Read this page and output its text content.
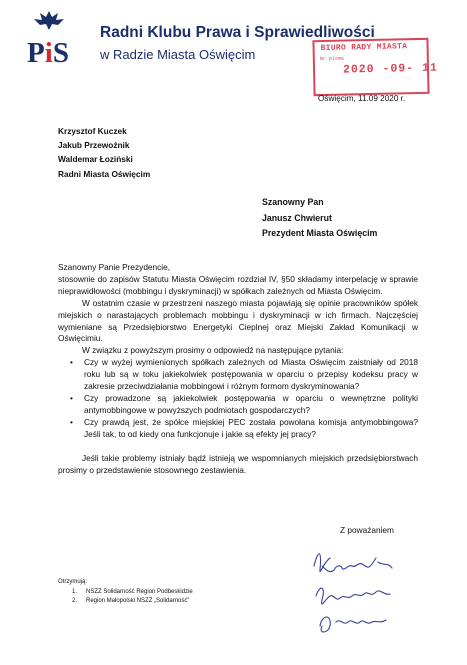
PiS
Radni Klubu Prawa i Sprawiedliwości
w Radzie Miasta Oświęcim	BIURO RADY MIASTA
Nr pisma
2020 -09- 11
Oświęcim, 11.09 2020 r.
Krzysztof Kuczek
Jakub Przewoźnik
Waldemar Łoziński
Radni Miasta Oświęcim
Szanowny Pan
Janusz Chwierut
Prezydent Miasta Oświęcim

Szanowny Panie Prezydencie,

stosownie do zapisów Statutu Miasta Oświęcim rozdział IV, §50 składamy interpelację w sprawie nieprawidłowości (mobbingu i dyskryminacji) w spółkach zależnych od Miasta Oświęcim.

W ostatnim czasie w przestrzeni naszego miasta pojawiają się opinie pracowników spółek miejskich o narastających problemach mobbingu i dyskryminacji w ich firmach. Najczęściej wymieniane są Przedsiębiorstwo Energetyki Cieplnej oraz Miejski Zakład Komunikacji w Oświęcimiu.

W związku z powyższym prosimy o odpowiedź na następujące pytania:

• Czy w wyżej wymienionych spółkach zależnych od Miasta Oświęcim zaistniały od 2018 roku lub są w toku jakiekolwiek postępowania w oparciu o przepisy kodeksu pracy w zakresie przeciwdziałania mobbingowi i różnym formom dyskryminowania?
• Czy prowadzone są jakiekolwiek postępowania w oparciu o wewnętrzne polityki antymobbingowe w powyższych podmiotach gospodarczych?
• Czy prawdą jest, że spółce miejskiej PEC została powołana komisja antymobbingowa? Jeśli tak, to od kiedy ona funkcjonuje i jakie są efekty jej pracy?

Jeśli takie problemy istniały bądź istnieją we wspomnianych miejskich przedsiębiorstwach prosimy o przedstawienie stosownego zestawienia.

Z poważaniem
Otrzymują:
1. NSZZ Solidarność Region Podbeskidzie
2. Region Małopolski NSZZ „Solidarność"
